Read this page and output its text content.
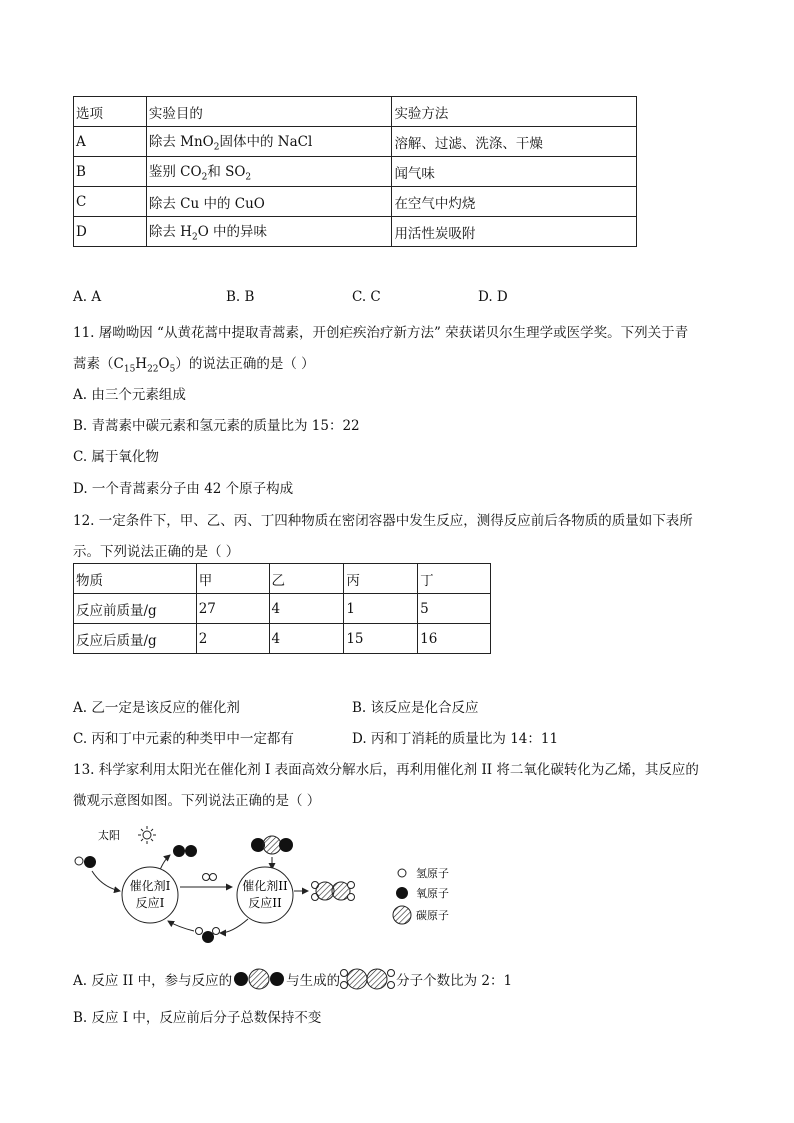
选项	实验目的	实验方法
A	除去 MnO$_2$固体中的 NaCl	溶解、过滤、洗涤、干燥
B	鉴别 $CO_2$和 $SO_2$	闻气味
C	除去 Cu 中的 CuO	在空气中灼烧
D	除去 $H_2O$ 中的异味	用活性炭吸附
A. A	B. B	C. C	D. D
11. 屠呦呦因 “从黄花蒿中提取青蒿素，开创疟疾治疗新方法” 荣获诺贝尔生理学或医学奖。下列关于青
蒿素$(C_{15}H_{22}O_5)$的说法正确的是（ ）
A. 由三个元素组成
B. 青蒿素中碳元素和氢元素的质量比为 15：22
C. 属于氧化物
D. 一个青蒿素分子由 42 个原子构成
12. 一定条件下，甲、乙、丙、丁四种物质在密闭容器中发生反应，测得反应前后各物质的质量如下表所
示。下列说法正确的是（ ）
物质	甲	乙	丙	丁
反应前质量/g	27	4	1	5
反应后质量/g	2	4	15	16
A. 乙一定是该反应的催化剂	B. 该反应是化合反应
C. 丙和丁中元素的种类甲中一定都有	D. 丙和丁消耗的质量比为 14：11
13. 科学家利用太阳光在催化剂 I 表面高效分解水后，再利用催化剂 II 将二氧化碳转化为乙烯，其反应的
微观示意图如图。下列说法正确的是（ ）
太阳
催化剂I
反应I
催化剂II
反应II
氢原子
氧原子
碳原子
A. 反应 II 中，参与反应的	与生成的	分子个数比为 2：1
B. 反应 I 中，反应前后分子总数保持不变
